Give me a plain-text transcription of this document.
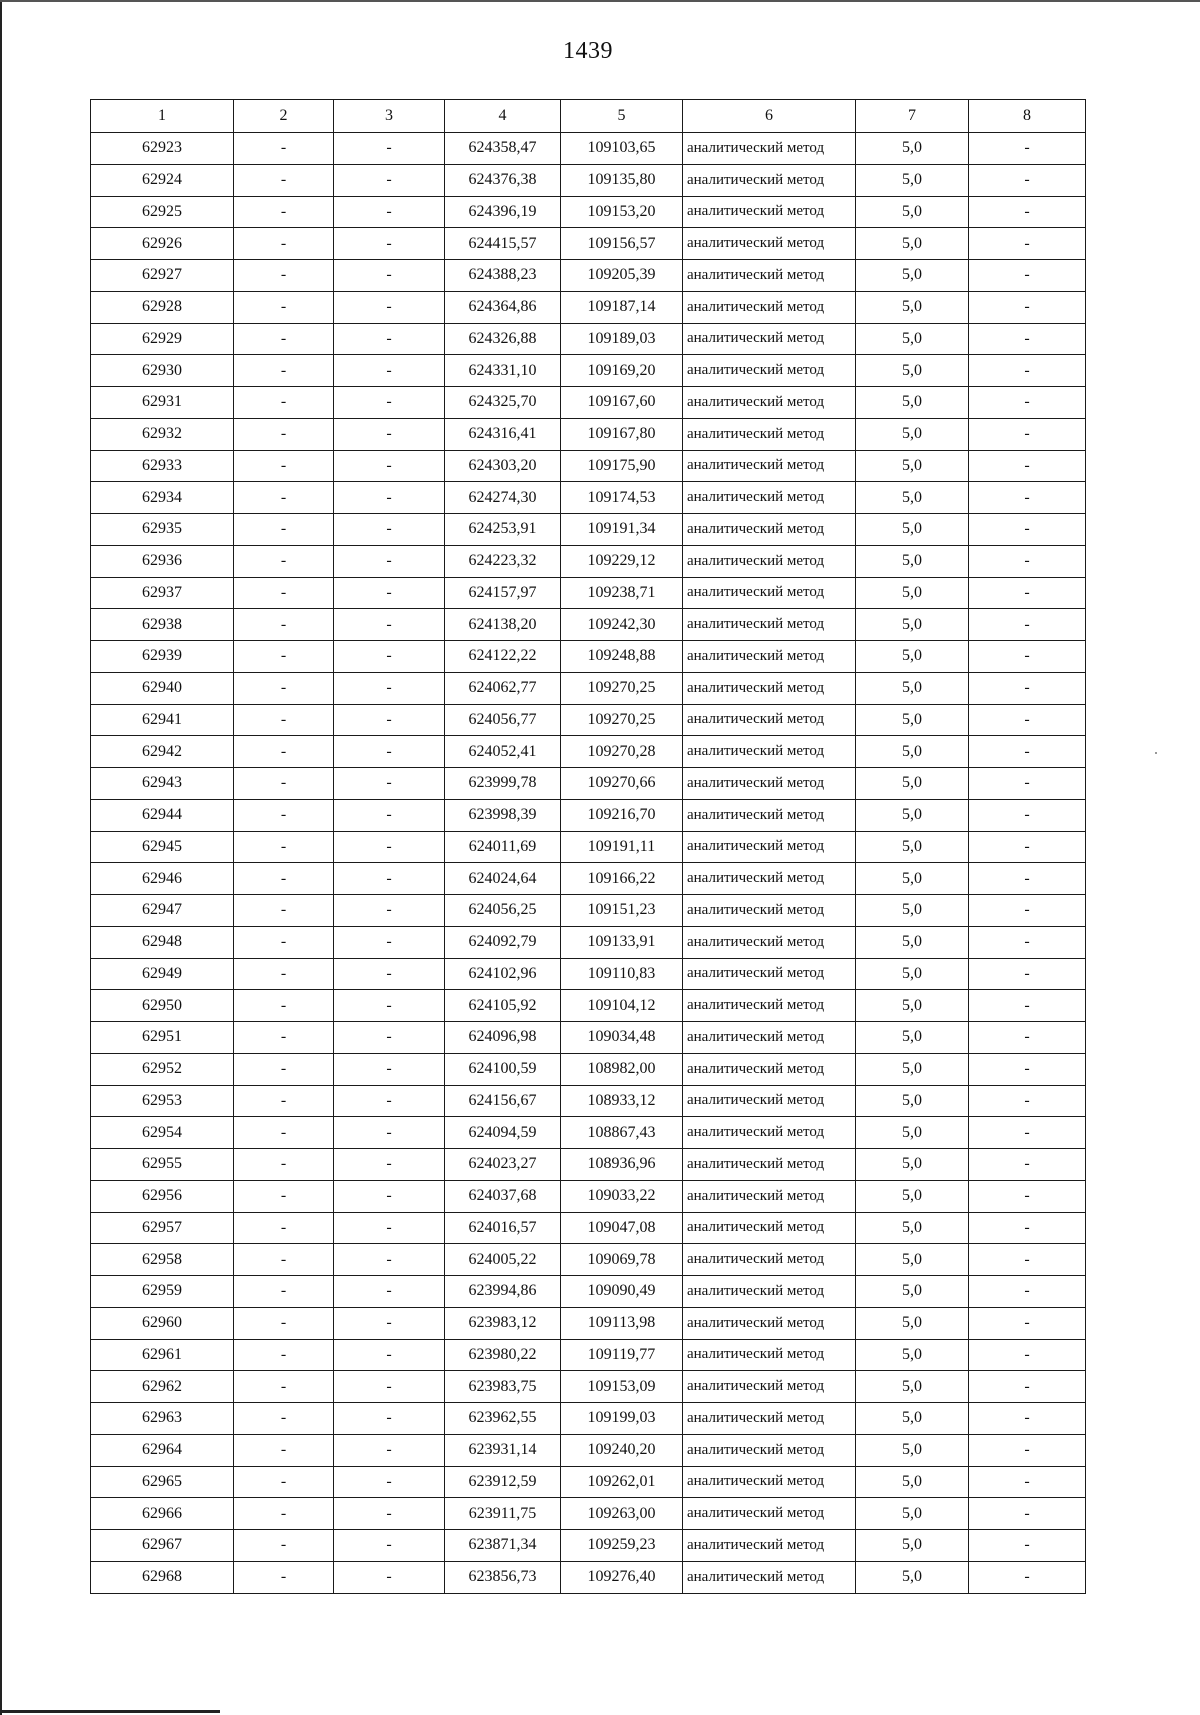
1439
1	2	3	4	5	6	7	8
62923	-	-	624358,47	109103,65	аналитический метод	5,0	-
62924	-	-	624376,38	109135,80	аналитический метод	5,0	-
62925	-	-	624396,19	109153,20	аналитический метод	5,0	-
62926	-	-	624415,57	109156,57	аналитический метод	5,0	-
62927	-	-	624388,23	109205,39	аналитический метод	5,0	-
62928	-	-	624364,86	109187,14	аналитический метод	5,0	-
62929	-	-	624326,88	109189,03	аналитический метод	5,0	-
62930	-	-	624331,10	109169,20	аналитический метод	5,0	-
62931	-	-	624325,70	109167,60	аналитический метод	5,0	-
62932	-	-	624316,41	109167,80	аналитический метод	5,0	-
62933	-	-	624303,20	109175,90	аналитический метод	5,0	-
62934	-	-	624274,30	109174,53	аналитический метод	5,0	-
62935	-	-	624253,91	109191,34	аналитический метод	5,0	-
62936	-	-	624223,32	109229,12	аналитический метод	5,0	-
62937	-	-	624157,97	109238,71	аналитический метод	5,0	-
62938	-	-	624138,20	109242,30	аналитический метод	5,0	-
62939	-	-	624122,22	109248,88	аналитический метод	5,0	-
62940	-	-	624062,77	109270,25	аналитический метод	5,0	-
62941	-	-	624056,77	109270,25	аналитический метод	5,0	-
62942	-	-	624052,41	109270,28	аналитический метод	5,0	-
62943	-	-	623999,78	109270,66	аналитический метод	5,0	-
62944	-	-	623998,39	109216,70	аналитический метод	5,0	-
62945	-	-	624011,69	109191,11	аналитический метод	5,0	-
62946	-	-	624024,64	109166,22	аналитический метод	5,0	-
62947	-	-	624056,25	109151,23	аналитический метод	5,0	-
62948	-	-	624092,79	109133,91	аналитический метод	5,0	-
62949	-	-	624102,96	109110,83	аналитический метод	5,0	-
62950	-	-	624105,92	109104,12	аналитический метод	5,0	-
62951	-	-	624096,98	109034,48	аналитический метод	5,0	-
62952	-	-	624100,59	108982,00	аналитический метод	5,0	-
62953	-	-	624156,67	108933,12	аналитический метод	5,0	-
62954	-	-	624094,59	108867,43	аналитический метод	5,0	-
62955	-	-	624023,27	108936,96	аналитический метод	5,0	-
62956	-	-	624037,68	109033,22	аналитический метод	5,0	-
62957	-	-	624016,57	109047,08	аналитический метод	5,0	-
62958	-	-	624005,22	109069,78	аналитический метод	5,0	-
62959	-	-	623994,86	109090,49	аналитический метод	5,0	-
62960	-	-	623983,12	109113,98	аналитический метод	5,0	-
62961	-	-	623980,22	109119,77	аналитический метод	5,0	-
62962	-	-	623983,75	109153,09	аналитический метод	5,0	-
62963	-	-	623962,55	109199,03	аналитический метод	5,0	-
62964	-	-	623931,14	109240,20	аналитический метод	5,0	-
62965	-	-	623912,59	109262,01	аналитический метод	5,0	-
62966	-	-	623911,75	109263,00	аналитический метод	5,0	-
62967	-	-	623871,34	109259,23	аналитический метод	5,0	-
62968	-	-	623856,73	109276,40	аналитический метод	5,0	-
